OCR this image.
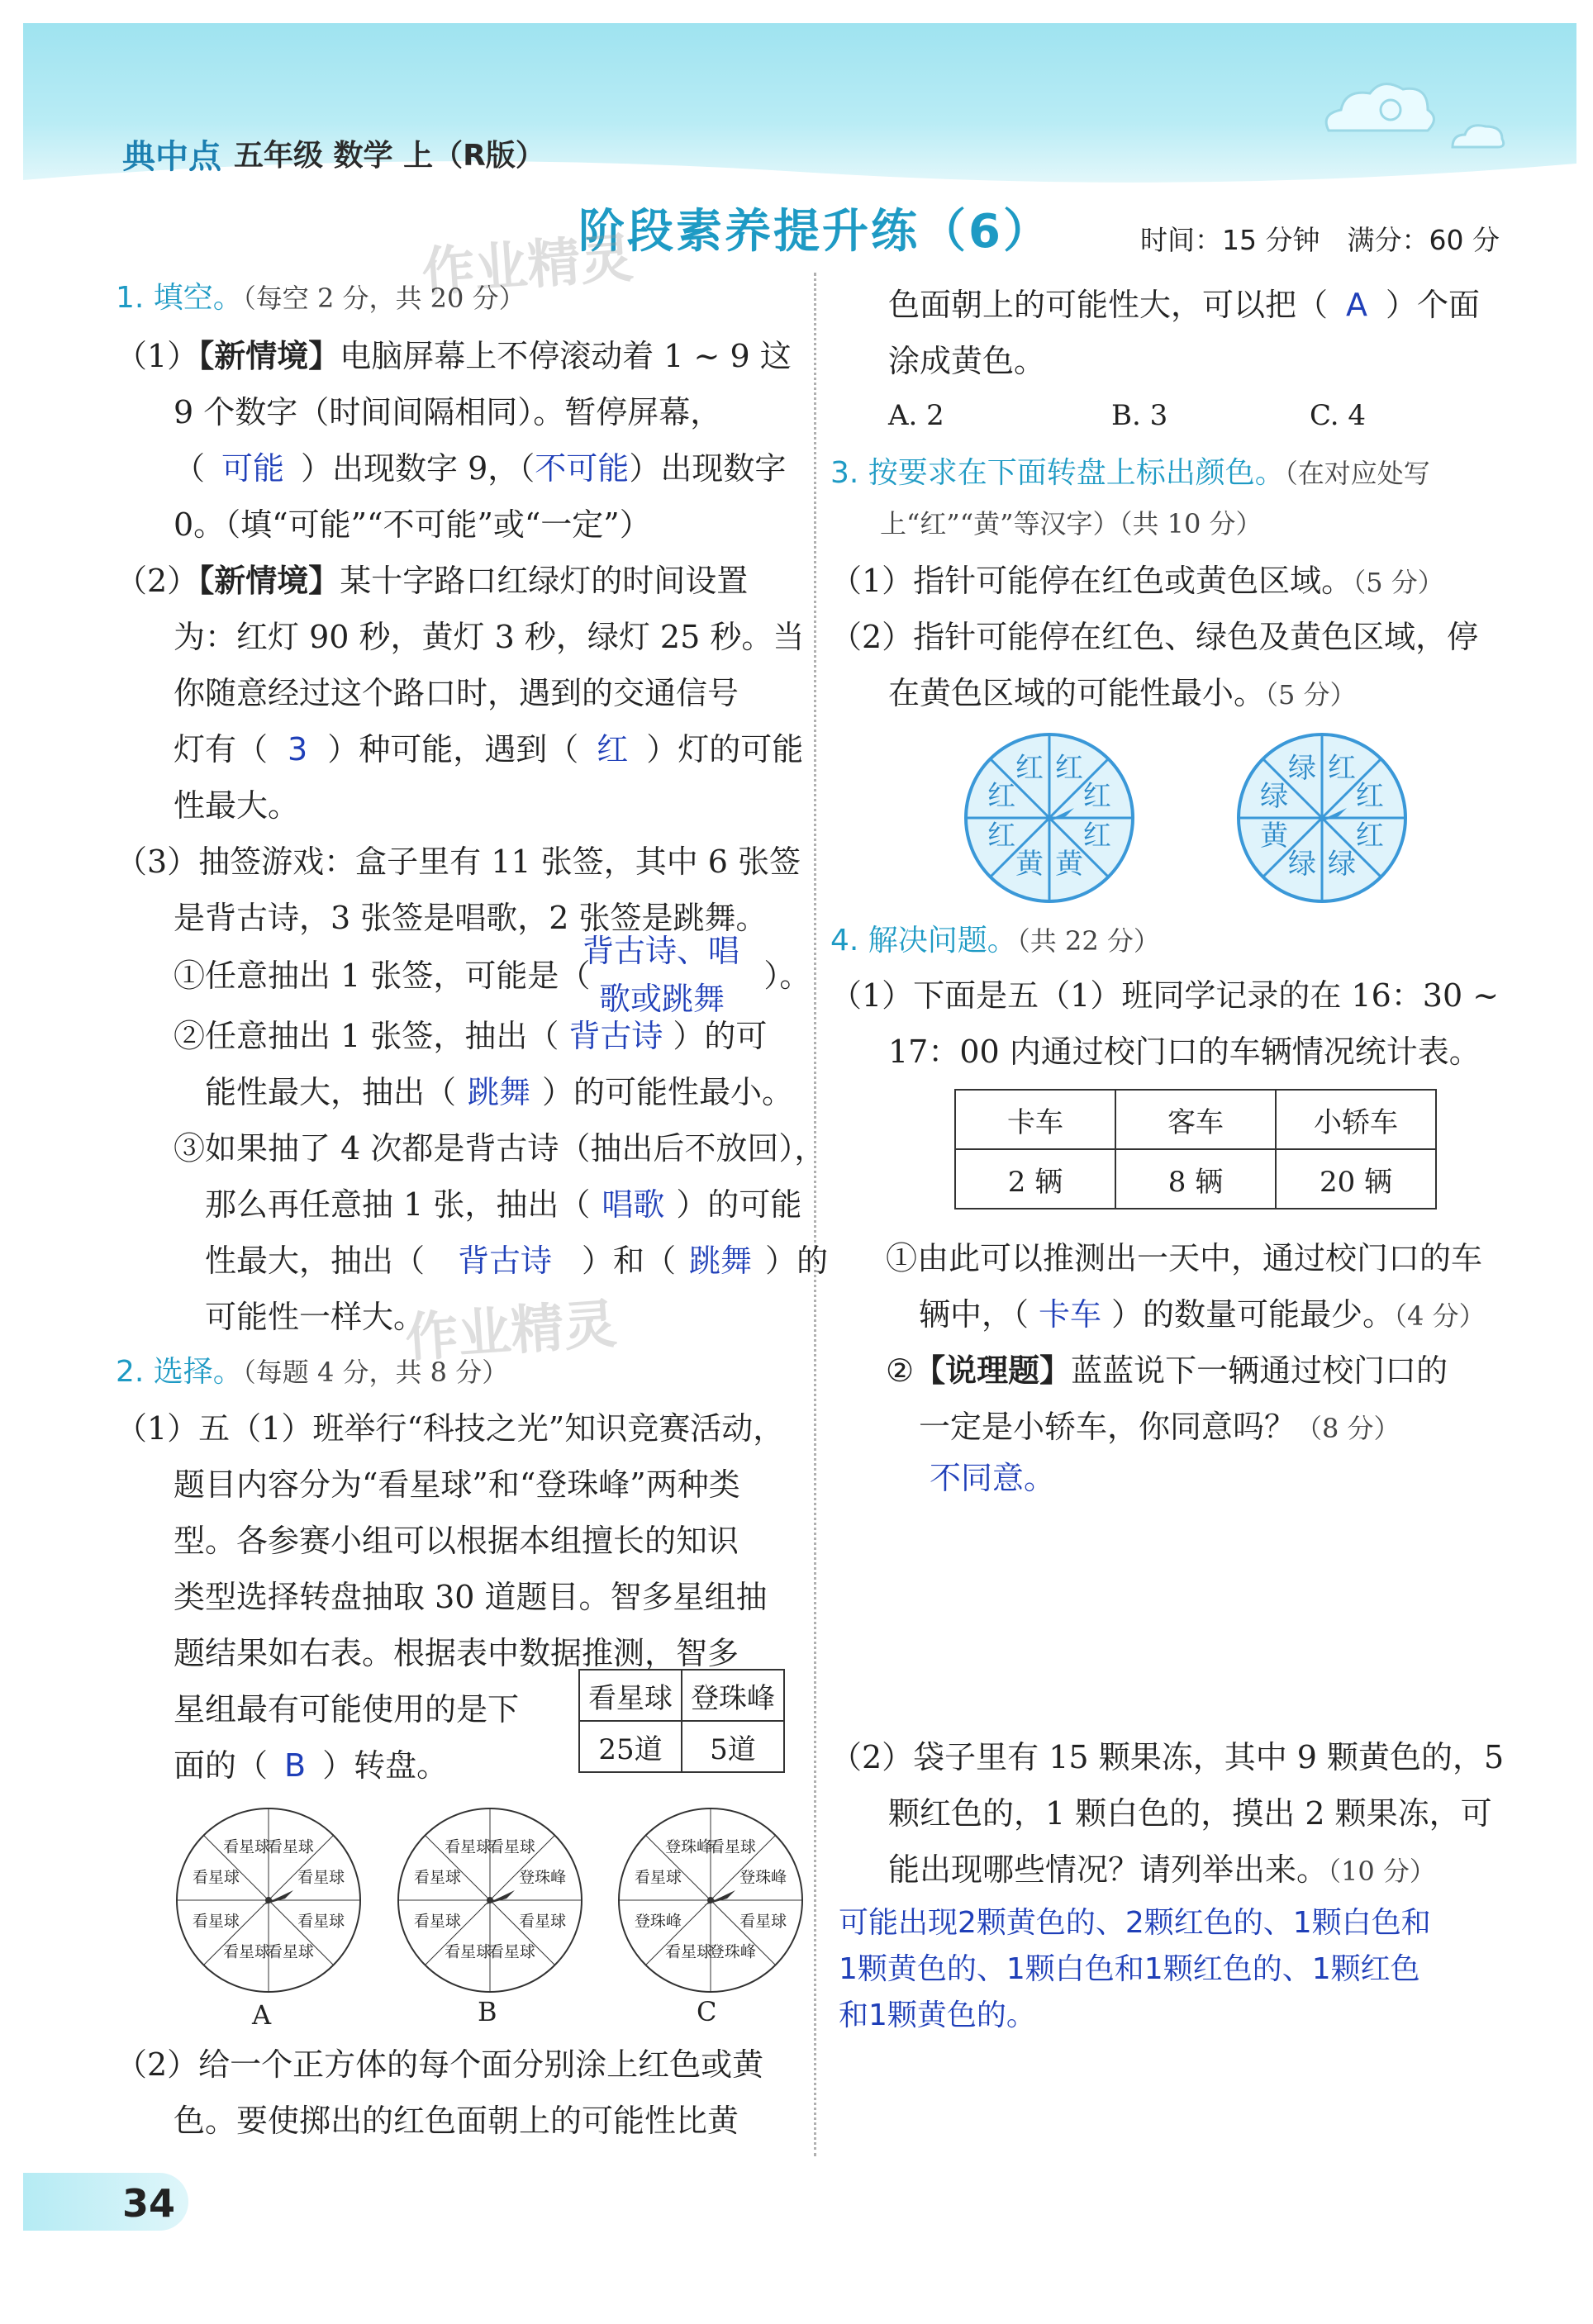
典中点 五年级 数学 上（R版）
阶段素养提升练（6）	时间：15 分钟　满分：60 分
作业精灵
作业精灵
1. 填空。（每空 2 分，共 20 分）
（1）【新情境】电脑屏幕上不停滚动着 1 ~ 9 这
9 个数字（时间间隔相同）。暂停屏幕，
（ 可能 ）出现数字 9，（不可能）出现数字
0。（填“可能”“不可能”或“一定”）
（2）【新情境】某十字路口红绿灯的时间设置
为：红灯 90 秒，黄灯 3 秒，绿灯 25 秒。当
你随意经过这个路口时，遇到的交通信号
灯有（ 3 ）种可能，遇到（ 红 ）灯的可能
性最大。
（3）抽签游戏：盒子里有 11 张签，其中 6 张签
是背古诗，3 张签是唱歌，2 张签是跳舞。
①任意抽出 1 张签，可能是（	）。
背古诗、唱
歌或跳舞
②任意抽出 1 张签，抽出（ 背古诗 ）的可
能性最大，抽出（ 跳舞 ）的可能性最小。
③如果抽了 4 次都是背古诗（抽出后不放回），
那么再任意抽 1 张，抽出（ 唱歌 ）的可能
性最大，抽出（ 背古诗 ）和（ 跳舞 ）的
可能性一样大。
2. 选择。（每题 4 分，共 8 分）
（1）五（1）班举行“科技之光”知识竞赛活动，
题目内容分为“看星球”和“登珠峰”两种类
型。各参赛小组可以根据本组擅长的知识
类型选择转盘抽取 30 道题目。智多星组抽
题结果如右表。根据表中数据推测，智多
星组最有可能使用的是下
面的（ B ）转盘。
看星球	登珠峰
25道	5道
看星球
看星球
看星球
看星球
看星球
看星球
看星球
看星球	看星球
登珠峰
看星球
看星球
看星球
看星球
看星球
看星球	看星球
登珠峰
看星球
登珠峰
看星球
登珠峰
看星球
登珠峰
A	B	C
（2）给一个正方体的每个面分别涂上红色或黄
色。要使掷出的红色面朝上的可能性比黄
色面朝上的可能性大，可以把（ A ）个面
涂成黄色。
A. 2	B. 3	C. 4
3. 按要求在下面转盘上标出颜色。（在对应处写
上“红”“黄”等汉字）（共 10 分）
（1）指针可能停在红色或黄色区域。（5 分）
（2）指针可能停在红色、绿色及黄色区域，停
在黄色区域的可能性最小。（5 分）
红
红
红
黄
黄
红
红
红	红
红
红
绿
绿
黄
绿
绿
4. 解决问题。（共 22 分）
（1）下面是五（1）班同学记录的在 16：30 ~
17：00 内通过校门口的车辆情况统计表。
卡车	客车	小轿车
2 辆	8 辆	20 辆
①由此可以推测出一天中，通过校门口的车
辆中，（ 卡车 ）的数量可能最少。（4 分）
②【说理题】蓝蓝说下一辆通过校门口的
一定是小轿车，你同意吗？（8 分）
不同意。
（2）袋子里有 15 颗果冻，其中 9 颗黄色的，5
颗红色的，1 颗白色的，摸出 2 颗果冻，可
能出现哪些情况？请列举出来。（10 分）
可能出现2颗黄色的、2颗红色的、1颗白色和
1颗黄色的、1颗白色和1颗红色的、1颗红色
和1颗黄色的。
34
